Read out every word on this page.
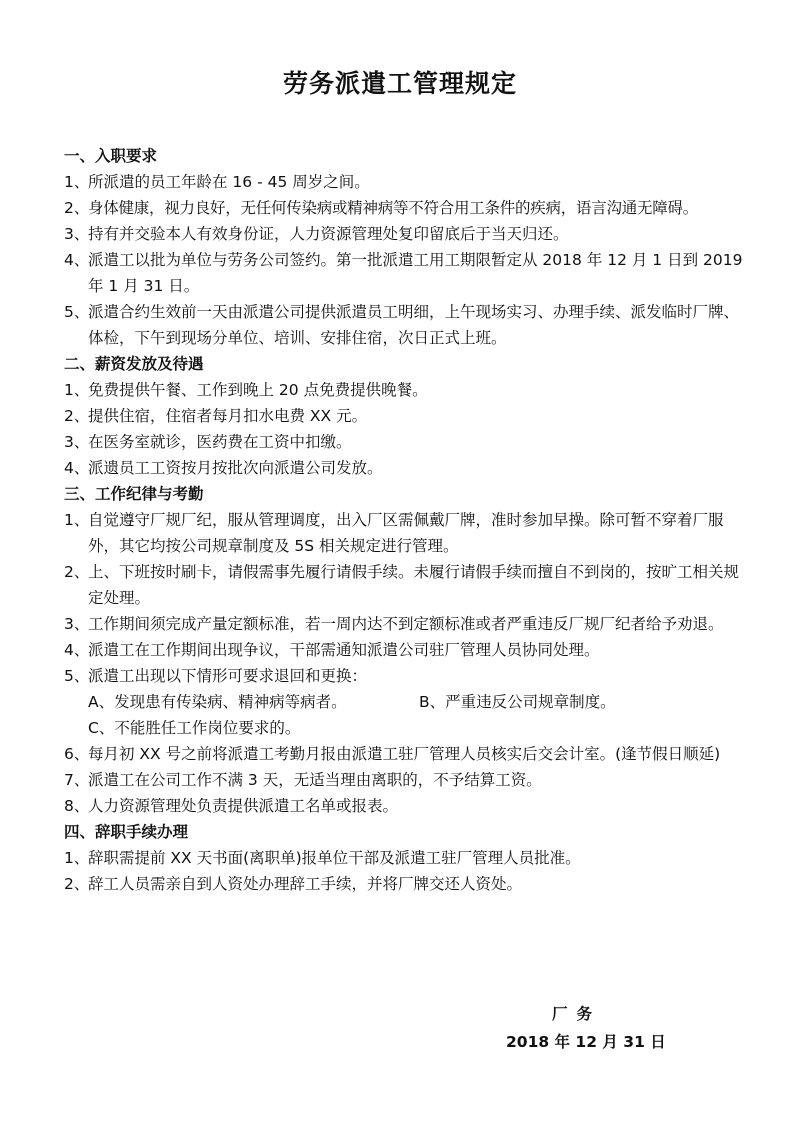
劳务派遣工管理规定
一、入职要求
1、
所派遣的员工年龄在 16 - 45 周岁之间。
2、
身体健康，视力良好，无任何传染病或精神病等不符合用工条件的疾病，语言沟通无障碍。
3、
持有并交验本人有效身份证，人力资源管理处复印留底后于当天归还。
4、
派遣工以批为单位与劳务公司签约。第一批派遣工用工期限暂定从 2018 年 12 月 1 日到 2019 年 1 月 31 日。
5、
派遣合约生效前一天由派遣公司提供派遣员工明细，上午现场实习、办理手续、派发临时厂牌、体检，下午到现场分单位、培训、安排住宿，次日正式上班。
二、薪资发放及待遇
1、
免费提供午餐、工作到晚上 20 点免费提供晚餐。
2、
提供住宿，住宿者每月扣水电费 XX 元。
3、
在医务室就诊，医药费在工资中扣缴。
4、
派遗员工工资按月按批次向派遣公司发放。
三、工作纪律与考勤
1、
自觉遵守厂规厂纪，服从管理调度，出入厂区需佩戴厂牌，准时参加早操。除可暂不穿着厂服外，其它均按公司规章制度及 5S 相关规定进行管理。
2、
上、下班按时刷卡，请假需事先履行请假手续。未履行请假手续而擅自不到岗的，按旷工相关规定处理。
3、
工作期间须完成产量定额标准，若一周内达不到定额标准或者严重违反厂规厂纪者给予劝退。
4、
派遣工在工作期间出现争议，干部需通知派遣公司驻厂管理人员协同处理。
5、
派遣工出现以下情形可要求退回和更换：
A、发现患有传染病、精神病等病者。	B、严重违反公司规章制度。
C、不能胜任工作岗位要求的。
6、
每月初 XX 号之前将派遣工考勤月报由派遣工驻厂管理人员核实后交会计室。(逢节假日顺延)
7、
派遣工在公司工作不满 3 天，无适当理由离职的，不予结算工资。
8、
人力资源管理处负责提供派遣工名单或报表。
四、辞职手续办理
1、
辞职需提前 XX 天书面(离职单)报单位干部及派遣工驻厂管理人员批准。
2、
辞工人员需亲自到人资处办理辞工手续，并将厂牌交还人资处。
厂务
2018 年 12 月 31 日
